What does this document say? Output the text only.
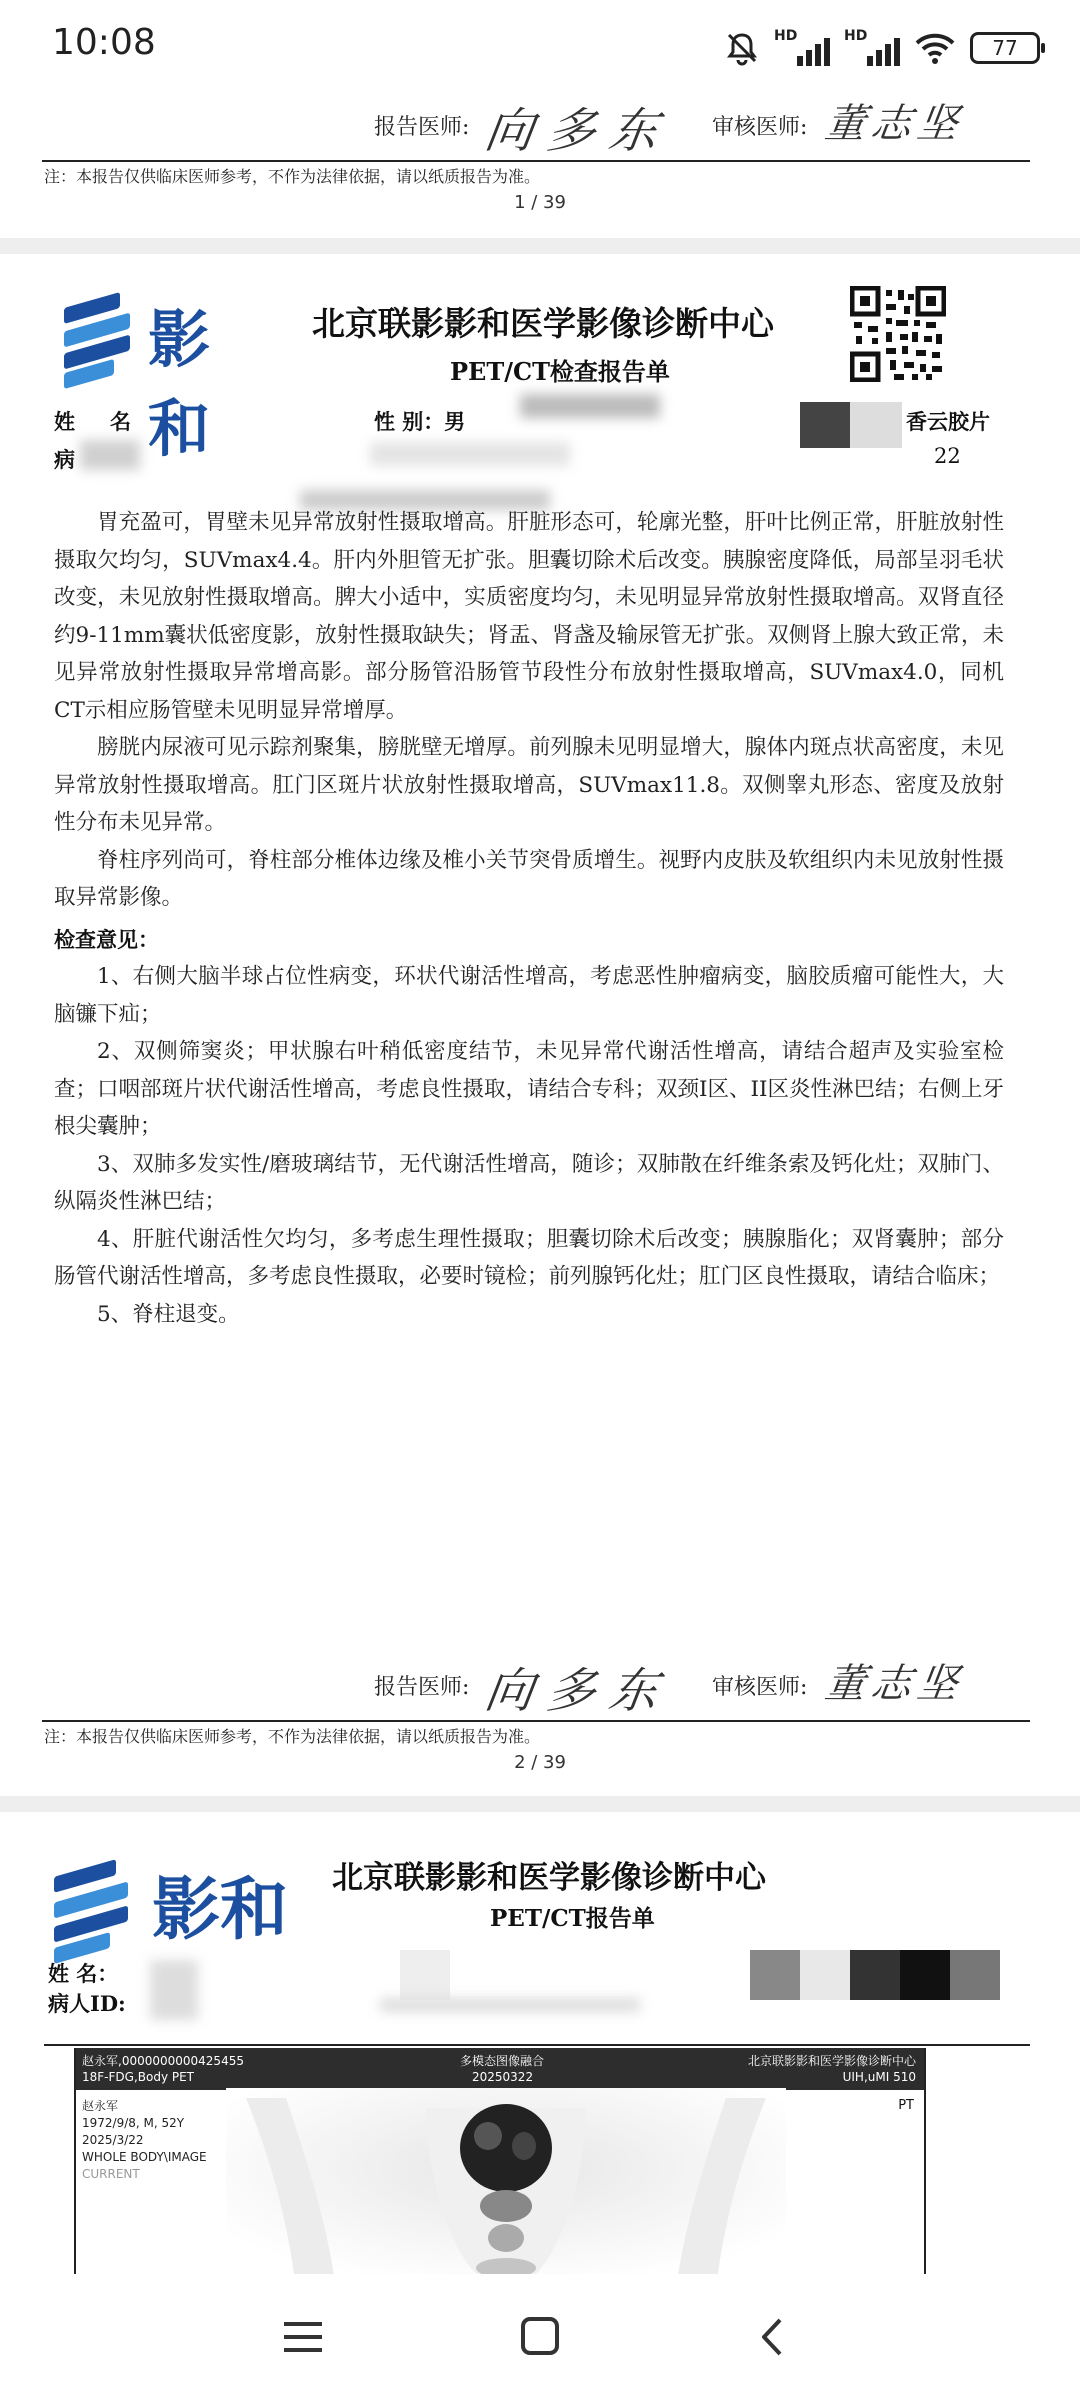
10:08	HD	HD	77
报告医师: 向多东 审核医师: 董志坚
注：本报告仅供临床医师参考，不作为法律依据，请以纸质报告为准。
1 / 39
影和
北京联影影和医学影像诊断中心
PET/CT检查报告单
姓 名	性 别：男
病
香云胶片
22

胃充盈可，胃壁未见异常放射性摄取增高。肝脏形态可，轮廓光整，肝叶比例正常，肝脏放射性摄取欠均匀，SUVmax4.4。肝内外胆管无扩张。胆囊切除术后改变。胰腺密度降低，局部呈羽毛状改变，未见放射性摄取增高。脾大小适中，实质密度均匀，未见明显异常放射性摄取增高。双肾直径约9-11mm囊状低密度影，放射性摄取缺失；肾盂、肾盏及输尿管无扩张。双侧肾上腺大致正常，未见异常放射性摄取异常增高影。部分肠管沿肠管节段性分布放射性摄取增高，SUVmax4.0，同机CT示相应肠管壁未见明显异常增厚。

膀胱内尿液可见示踪剂聚集，膀胱壁无增厚。前列腺未见明显增大，腺体内斑点状高密度，未见异常放射性摄取增高。肛门区斑片状放射性摄取增高，SUVmax11.8。双侧睾丸形态、密度及放射性分布未见异常。

脊柱序列尚可，脊柱部分椎体边缘及椎小关节突骨质增生。视野内皮肤及软组织内未见放射性摄取异常影像。

检查意见：

1、右侧大脑半球占位性病变，环状代谢活性增高，考虑恶性肿瘤病变，脑胶质瘤可能性大，大脑镰下疝；

2、双侧筛窦炎；甲状腺右叶稍低密度结节，未见异常代谢活性增高，请结合超声及实验室检查；口咽部斑片状代谢活性增高，考虑良性摄取，请结合专科；双颈I区、II区炎性淋巴结；右侧上牙根尖囊肿；

3、双肺多发实性/磨玻璃结节，无代谢活性增高，随诊；双肺散在纤维条索及钙化灶；双肺门、纵隔炎性淋巴结；

4、肝脏代谢活性欠均匀，多考虑生理性摄取；胆囊切除术后改变；胰腺脂化；双肾囊肿；部分肠管代谢活性增高，多考虑良性摄取，必要时镜检；前列腺钙化灶；肛门区良性摄取，请结合临床；

5、脊柱退变。

报告医师: 向多东 审核医师: 董志坚
注：本报告仅供临床医师参考，不作为法律依据，请以纸质报告为准。
2 / 39
影和 北京联影影和医学影像诊断中心
PET/CT报告单
姓 名：
病人ID:
赵永军,0000000000425455
18F-FDG,Body PET
多模态图像融合
20250322
北京联影影和医学影像诊断中心
UIH,uMI 510
赵永军
1972/9/8, M, 52Y
2025/3/22
WHOLE BODY\IMAGE
CURRENT
PT
